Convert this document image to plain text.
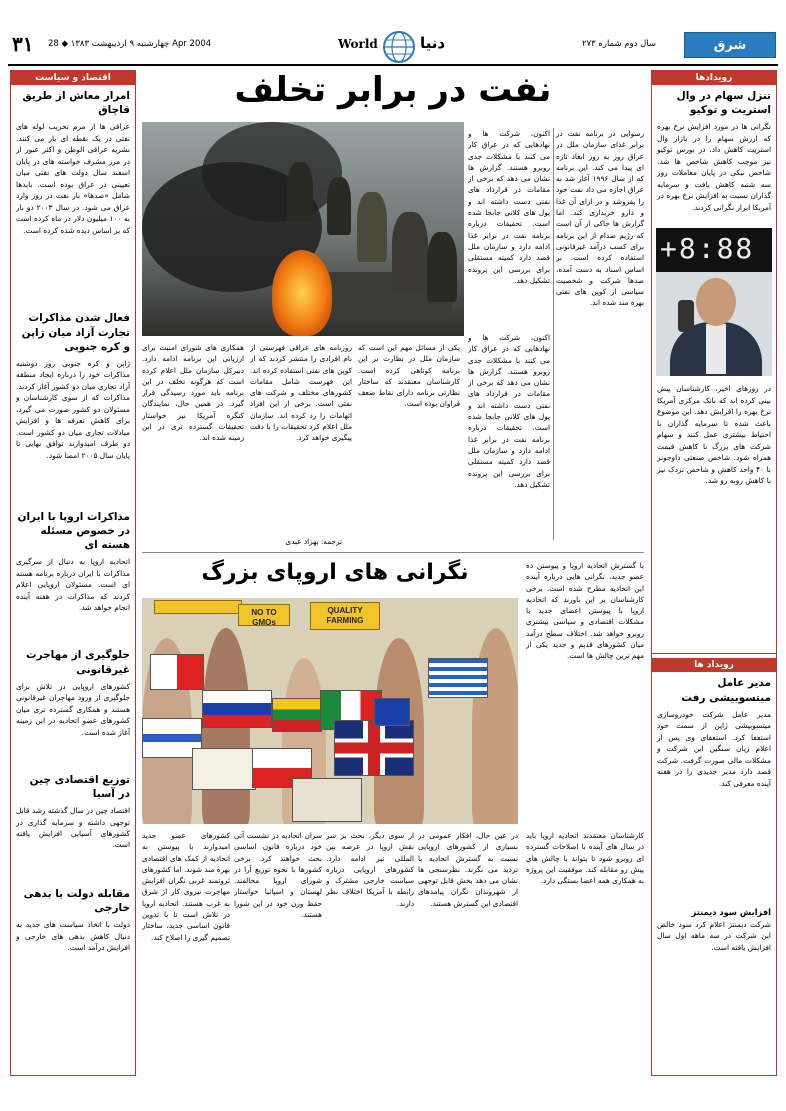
۳۱ چهارشنبه ۹ اردیبهشت ۱۳۸۳ ◆ 28 Apr 2004	World	دنیا	سال دوم شماره ۲۷۳	شرق
اقتصاد و سیاست
امرار معاش از طریق قاچاق
عراقی ها از مرم تخریب لوله های نفتی در یک نقطه ای بار می کنند. نشریه عراقی الوطن و اکثر عبور از در مرز مشرف خواسته های در پایان اسفند سال دولت های نفتی میان تعیینی در عراق بوده است. بایدها شامل «صدها» بار نفت در روز وارد عراق می شود. در سال ۲۰۰۳ دو بار به ۱۰۰ میلیون دلار در ماه کرده است که بر اساس دیده شده کرده است.
فعال شدن مذاکرات تجارت آزاد میان ژاپن و کره جنوبی
ژاپن و کره جنوبی روز دوشنبه مذاکرات خود را درباره ایجاد منطقه آزاد تجاری میان دو کشور آغاز کردند. مذاکرات که از سوی کارشناسان و مسئولان دو کشور صورت می گیرد، برای کاهش تعرفه ها و افزایش مبادلات تجاری میان دو کشور است. دو طرف امیدوارند توافق نهایی تا پایان سال ۲۰۰۵ امضا شود.
مذاکرات اروپا با ایران در خصوص مسئله هسته ای
اتحادیه اروپا به دنبال از سرگیری مذاکرات با ایران درباره برنامه هسته ای است. مسئولان اروپایی اعلام کردند که مذاکرات در هفته آینده انجام خواهد شد.
جلوگیری از مهاجرت غیرقانونی
کشورهای اروپایی در تلاش برای جلوگیری از ورود مهاجران غیرقانونی هستند و همکاری گسترده تری میان کشورهای عضو اتحادیه در این زمینه آغاز شده است.
توزیع اقتصادی چین در آسیا
اقتصاد چین در سال گذشته رشد قابل توجهی داشته و سرمایه گذاری در کشورهای آسیایی افزایش یافته است.
مقابله دولت با بدهی خارجی
دولت با اتخاذ سیاست های جدید به دنبال کاهش بدهی های خارجی و افزایش درآمد است.
رویدادها
تنزل سهام در وال استریت و توکیو
نگرانی ها در مورد افزایش نرخ بهره که ارزش سهام را در بازار وال استریت کاهش داد، در بورس توکیو نیز موجب کاهش شاخص ها شد. شاخص نیکی در پایان معاملات روز سه شنبه کاهش یافت و سرمایه گذاران نسبت به افزایش نرخ بهره در آمریکا ابراز نگرانی کردند.
+8:88
در روزهای اخیر، کارشناسان پیش بینی کرده اند که بانک مرکزی آمریکا نرخ بهره را افزایش دهد. این موضوع باعث شده تا سرمایه گذاران با احتیاط بیشتری عمل کنند و سهام شرکت های بزرگ با کاهش قیمت همراه شود. شاخص صنعتی داوجونز با ۴۰ واحد کاهش و شاخص نزدک نیز با کاهش روبه رو شد.
رویداد ها
مدیر عامل میتسوبیشی رفت
مدیر عامل شرکت خودروسازی میتسوبیشی ژاپن از سمت خود استعفا کرد. استعفای وی پس از اعلام زیان سنگین این شرکت و مشکلات مالی صورت گرفت. شرکت قصد دارد مدیر جدیدی را در هفته آینده معرفی کند.
افزایش سود دیمنتز
شرکت دیمنتز اعلام کرد سود خالص این شرکت در سه ماهه اول سال افزایش یافته است.
نفت در برابر تخلف
اکنون، شرکت ها و نهادهایی که در عراق کار می کنند با مشکلات جدی روبرو هستند. گزارش ها نشان می دهد که برخی از مقامات در قرارداد های نفتی دست داشته اند و پول های کلانی جابجا شده است. تحقیقات درباره برنامه نفت در برابر غذا ادامه دارد و سازمان ملل قصد دارد کمیته مستقلی برای بررسی این پرونده تشکیل دهد.
رسوایی در برنامه نفت در برابر غذای سازمان ملل در عراق روز به روز ابعاد تازه ای پیدا می کند. این برنامه که از سال ۱۹۹۶ آغاز شد به عراق اجازه می داد نفت خود را بفروشد و در ازای آن غذا و دارو خریداری کند. اما گزارش ها حاکی از آن است که رژیم صدام از این برنامه برای کسب درآمد غیرقانونی استفاده کرده است. بر اساس اسناد به دست آمده، صدها شرکت و شخصیت سیاسی از کوپن های نفتی بهره مند شده اند.
همکاری های شورای امنیت برای ارزیابی این برنامه ادامه دارد. دبیرکل سازمان ملل اعلام کرده است که هرگونه تخلف در این برنامه باید مورد رسیدگی قرار گیرد. در همین حال، نمایندگان کنگره آمریکا نیز خواستار تحقیقات گسترده تری در این زمینه شده اند.
روزنامه های عراقی فهرستی از نام افرادی را منتشر کردند که از کوپن های نفتی استفاده کرده اند. این فهرست شامل مقامات کشورهای مختلف و شرکت های نفتی است. برخی از این افراد اتهامات را رد کرده اند. سازمان ملل اعلام کرد تحقیقات را با دقت پیگیری خواهد کرد.
یکی از مسائل مهم این است که سازمان ملل در نظارت بر این برنامه کوتاهی کرده است. کارشناسان معتقدند که ساختار نظارتی برنامه دارای نقاط ضعف فراوان بوده است.
اکنون، شرکت ها و نهادهایی که در عراق کار می کنند با مشکلات جدی روبرو هستند. گزارش ها نشان می دهد که برخی از مقامات در قرارداد های نفتی دست داشته اند و پول های کلانی جابجا شده است. تحقیقات درباره برنامه نفت در برابر غذا ادامه دارد و سازمان ملل قصد دارد کمیته مستقلی برای بررسی این پرونده تشکیل دهد.
ترجمه: بهزاد عبدی
نگرانی های اروپای بزرگ	با گسترش اتحادیه اروپا و پیوستن ده عضو جدید، نگرانی هایی درباره آینده این اتحادیه مطرح شده است. برخی کارشناسان بر این باورند که اتحادیه اروپا با پیوستن اعضای جدید با مشکلات اقتصادی و سیاسی بیشتری روبرو خواهد شد. اختلاف سطح درآمد میان کشورهای قدیم و جدید یکی از مهم ترین چالش ها است.
NO TO GMOs
QUALITY FARMING
کشورهای عضو جدید امیدوارند با پیوستن به اتحادیه از کمک های اقتصادی بهره مند شوند. اما کشورهای ثروتمند غربی نگران افزایش مهاجرت نیروی کار از شرق به غرب هستند. اتحادیه اروپا در تلاش است تا با تدوین قانون اساسی جدید، ساختار تصمیم گیری را اصلاح کند.
سران اتحادیه در نشست آتی خود درباره قانون اساسی بحث خواهند کرد. برخی کشورها با نحوه توزیع آرا در شورای اروپا مخالفند. لهستان و اسپانیا خواستار حفظ وزن خود در این شورا هستند.
از سوی دیگر، بحث بر سر نقش اروپا در عرصه بین المللی نیز ادامه دارد. کشورهای اروپایی درباره سیاست خارجی مشترک و رابطه با آمریکا اختلاف نظر دارند.
در عین حال، افکار عمومی در بسیاری از کشورهای اروپایی نسبت به گسترش اتحادیه با تردید می نگرند. نظرسنجی ها نشان می دهد بخش قابل توجهی از شهروندان نگران پیامدهای اقتصادی این گسترش هستند.
کارشناسان معتقدند اتحادیه اروپا باید در سال های آینده با اصلاحات گسترده ای روبرو شود تا بتواند با چالش های پیش رو مقابله کند. موفقیت این پروژه به همکاری همه اعضا بستگی دارد.
